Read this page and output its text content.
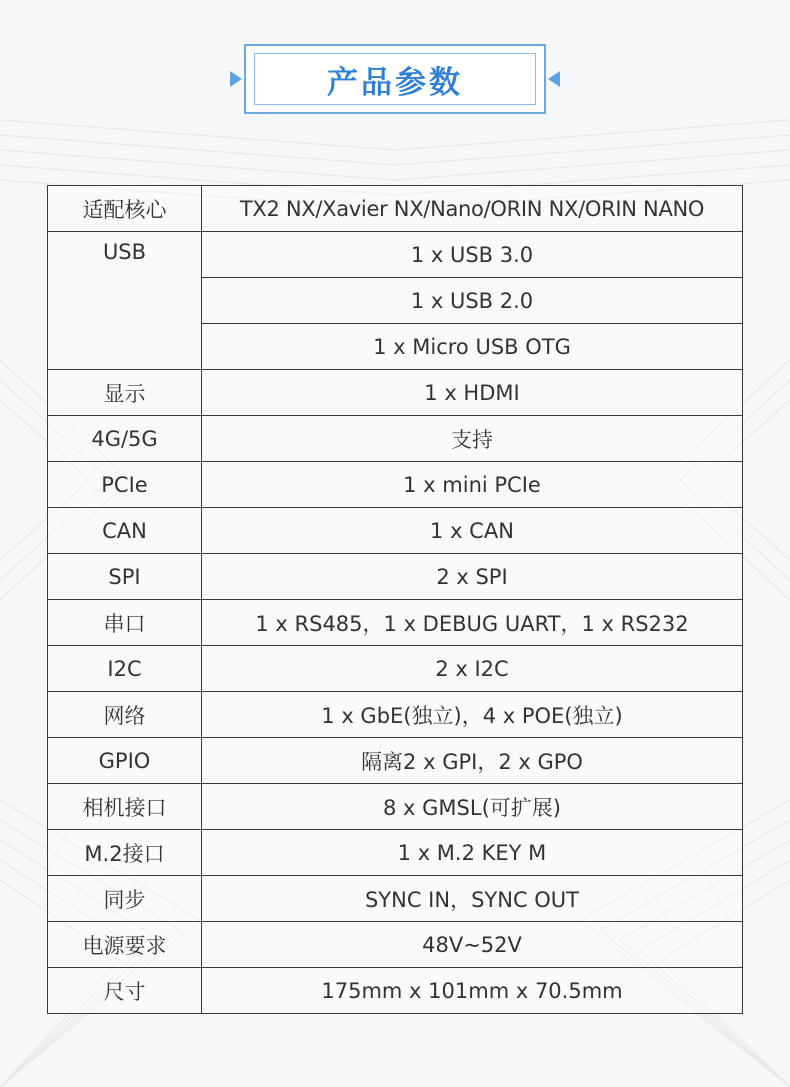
产品参数
适配核心	TX2 NX/Xavier NX/Nano/ORIN NX/ORIN NANO
USB	1 x USB 3.0
	1 x USB 2.0
	1 x Micro USB OTG
显示	1 x HDMI
4G/5G	支持
PCIe	1 x mini PCIe
CAN	1 x CAN
SPI	2 x SPI
串口	1 x RS485，1 x DEBUG UART，1 x RS232
I2C	2 x I2C
网络	1 x GbE(独立)，4 x POE(独立)
GPIO	隔离2 x GPI，2 x GPO
相机接口	8 x GMSL(可扩展)
M.2接口	1 x M.2 KEY M
同步	SYNC IN，SYNC OUT
电源要求	48V~52V
尺寸	175mm x 101mm x 70.5mm
